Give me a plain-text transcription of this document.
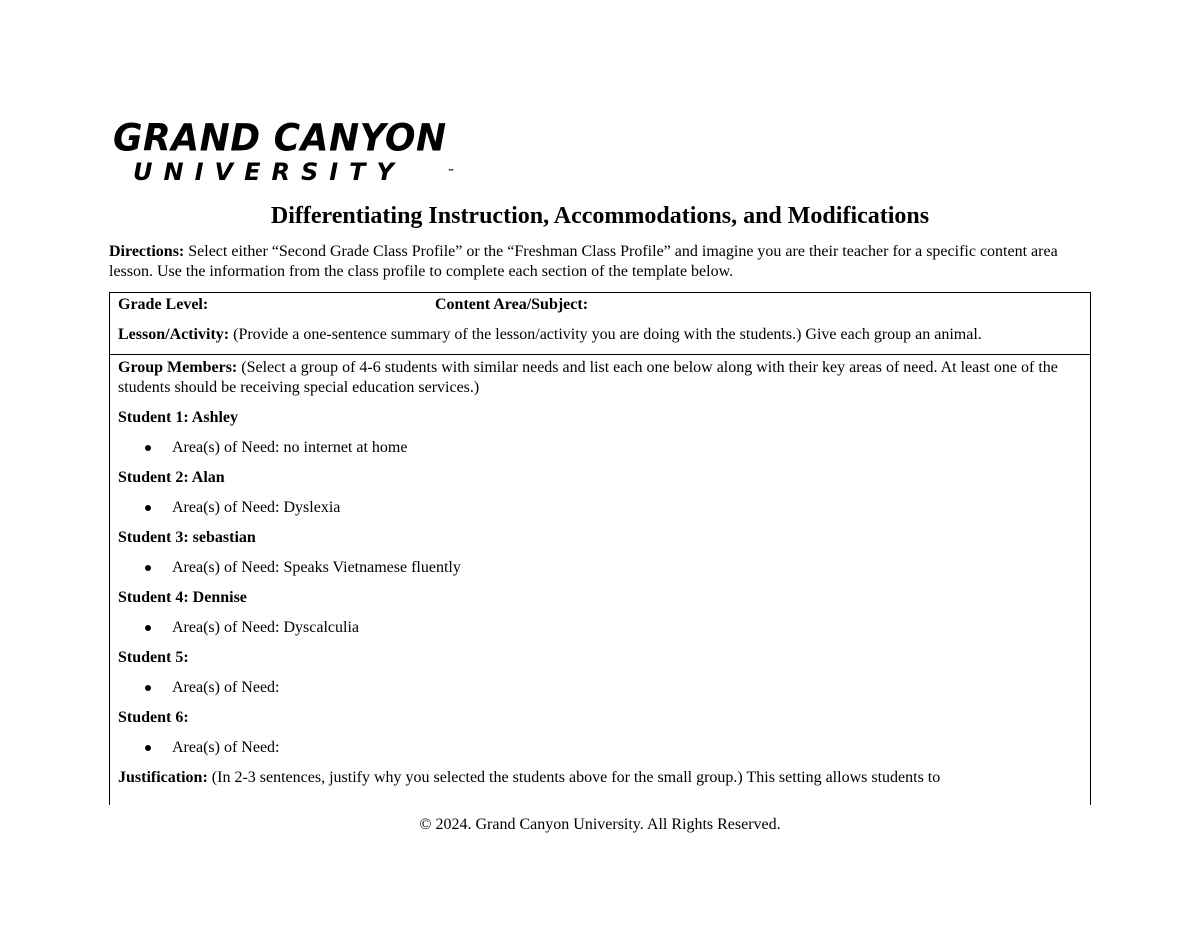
GRAND CANYON
UNIVERSITY	™
Differentiating Instruction, Accommodations, and Modifications
Directions: Select either “Second Grade Class Profile” or the “Freshman Class Profile” and imagine you are their teacher for a specific content area lesson. Use the information from the class profile to complete each section of the template below.
Grade Level:	Content Area/Subject:
Lesson/Activity: (Provide a one-sentence summary of the lesson/activity you are doing with the students.) Give each group an animal.
Group Members: (Select a group of 4-6 students with similar needs and list each one below along with their key areas of need. At least one of the students should be receiving special education services.)
Student 1: Ashley
Area(s) of Need: no internet at home
Student 2: Alan
Area(s) of Need: Dyslexia
Student 3: sebastian
Area(s) of Need: Speaks Vietnamese fluently
Student 4: Dennise
Area(s) of Need: Dyscalculia
Student 5:
Area(s) of Need:
Student 6:
Area(s) of Need:
Justification: (In 2-3 sentences, justify why you selected the students above for the small group.) This setting allows students to
© 2024. Grand Canyon University. All Rights Reserved.
